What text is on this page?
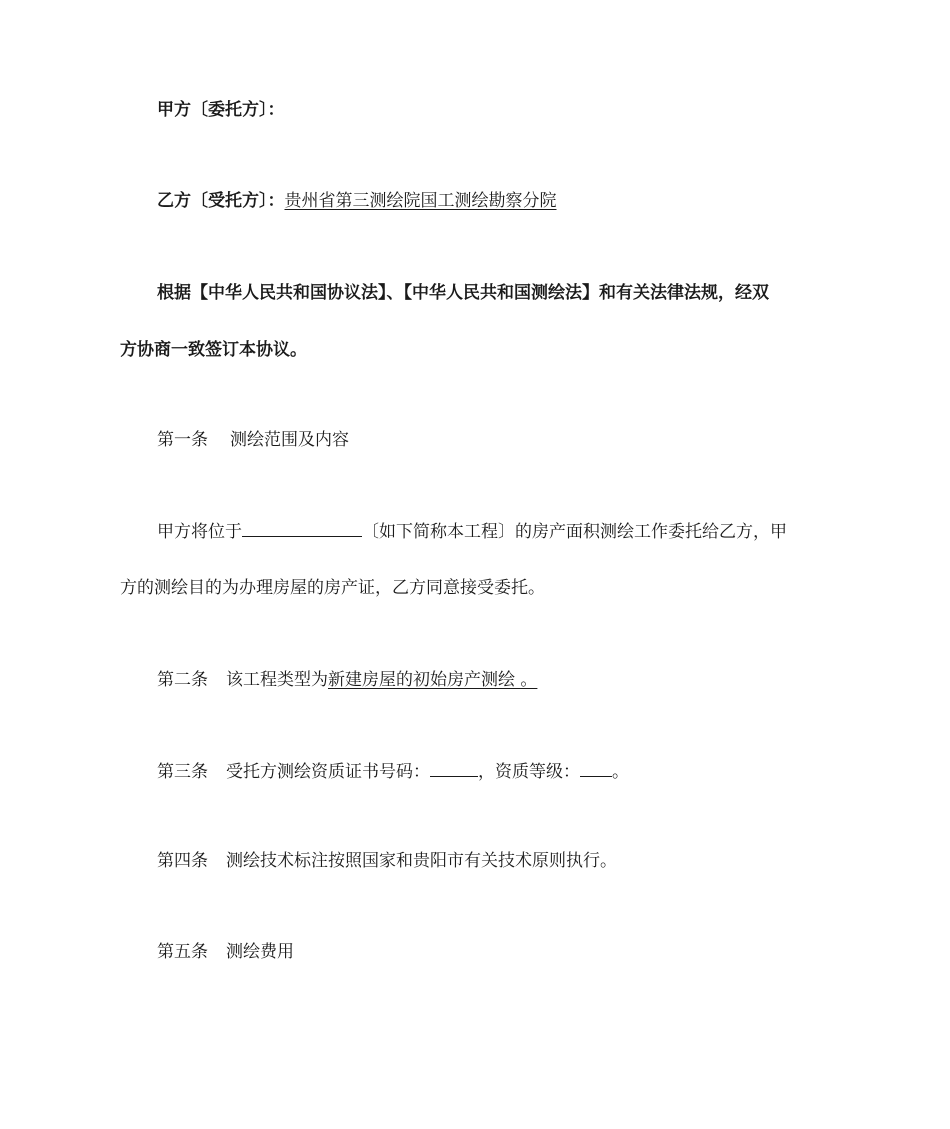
甲方〔委托方〕：
乙方〔受托方〕：贵州省第三测绘院国工测绘勘察分院
根据【中华人民共和国协议法】、【中华人民共和国测绘法】和有关法律法规，经双
方协商一致签订本协议。
第一条 测绘范围及内容
甲方将位于	〔如下简称本工程〕的房产面积测绘工作委托给乙方，甲
方的测绘目的为办理房屋的房产证，乙方同意接受委托。
第二条 该工程类型为新建房屋的初始房产测绘 。
第三条 受托方测绘资质证书号码：	，资质等级： 。
第四条 测绘技术标注按照国家和贵阳市有关技术原则执行。
第五条 测绘费用
